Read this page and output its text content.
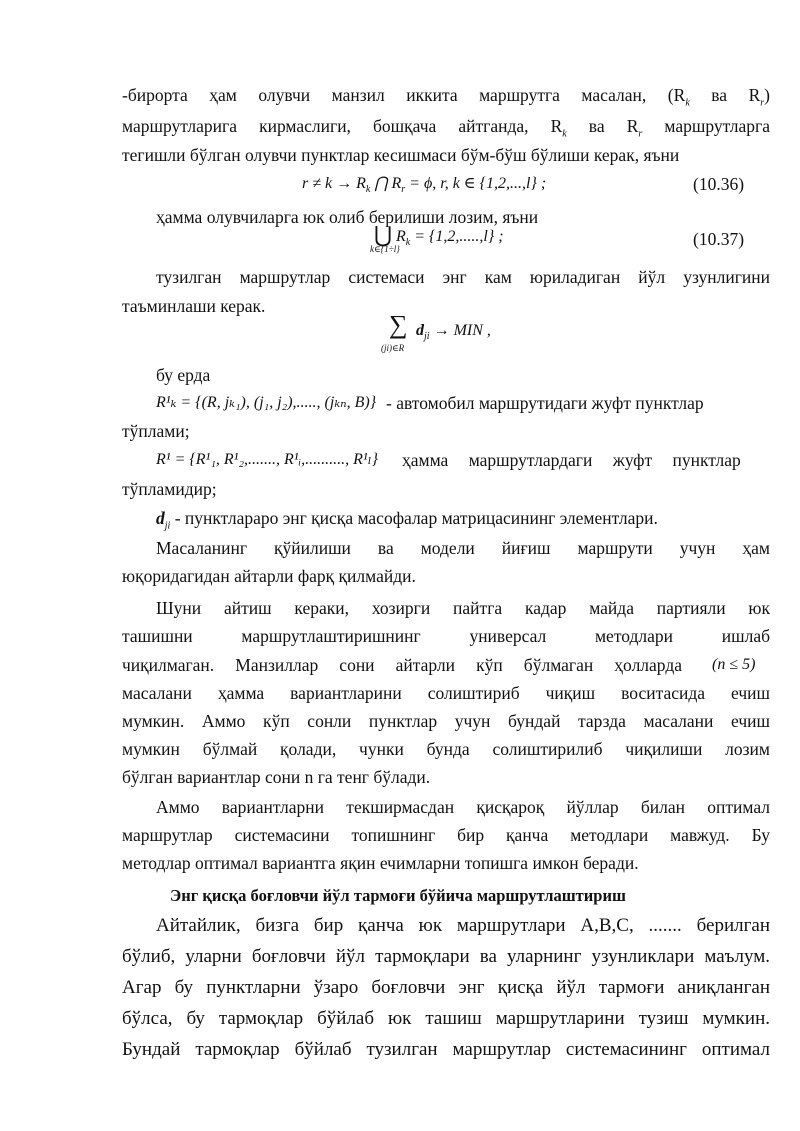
-бирорта ҳам олувчи манзил иккита маршрутга масалан, ($R_k$ ва $R_r$)
маршрутларига кирмаслиги, бошқача айтганда, $R_k$ ва $R_r$ маршрутларга
тегишли бўлган олувчи пунктлар кесишмаси бўм-бўш бўлиши керак, яъни
$r \ne k \to R_k$ ⋂ $R_r = \phi$, r, k ∈ {1,2,...,l} ;	(10.36)
ҳамма олувчиларга юк олиб берилиши лозим, яъни
⋃
k∈{1÷l}
$R_k = \{1,2,.....,l\}$ ;	(10.37)
тузилган маршрутлар системаси энг кам юриладиган йўл узунлигини
таъминлаши керак.
∑
(ji)∈R
$d_{ji}$ → MIN ,
бу ерда
R¹ₖ = {(R, jₖ₁), (j₁, j₂),....., (jₖₙ, B)} - автомобил маршрутидаги жуфт пунктлар
тўплами;
R¹ = {R¹₁, R¹₂,......., R¹ᵢ,.........., R¹ₗ} ҳамма маршрутлардаги жуфт пунктлар
тўпламидир;
$d_{ji}$ - пунктлараро энг қисқа масофалар матрицасининг элементлари.
Масаланинг қўйилиши ва модели йиғиш маршрути учун ҳам
юқоридагидан айтарли фарқ қилмайди.
Шуни айтиш кераки, хозирги пайтга кадар майда партияли юк
ташишни маршрутлаштиришнинг универсал методлари ишлаб
чиқилмаган. Манзиллар сони айтарли кўп бўлмаган ҳолларда (n ≤ 5)
масалани ҳамма вариантларини солиштириб чиқиш воситасида ечиш
мумкин. Аммо кўп сонли пунктлар учун бундай тарзда масалани ечиш
мумкин бўлмай қолади, чунки бунда солиштирилиб чиқилиши лозим
бўлган вариантлар сони n га тенг бўлади.
Аммо вариантларни текширмасдан қисқароқ йўллар билан оптимал
маршрутлар системасини топишнинг бир қанча методлари мавжуд. Бу
методлар оптимал вариантга яқин ечимларни топишга имкон беради.
Энг қисқа боғловчи йўл тармоғи бўйича маршрутлаштириш
Айтайлик, бизга бир қанча юк маршрутлари А,В,С, ....... берилган
бўлиб, уларни боғловчи йўл тармоқлари ва уларнинг узунликлари маълум.
Агар бу пунктларни ўзаро боғловчи энг қисқа йўл тармоғи аниқланган
бўлса, бу тармоқлар бўйлаб юк ташиш маршрутларини тузиш мумкин.
Бундай тармоқлар бўйлаб тузилган маршрутлар системасининг оптимал
